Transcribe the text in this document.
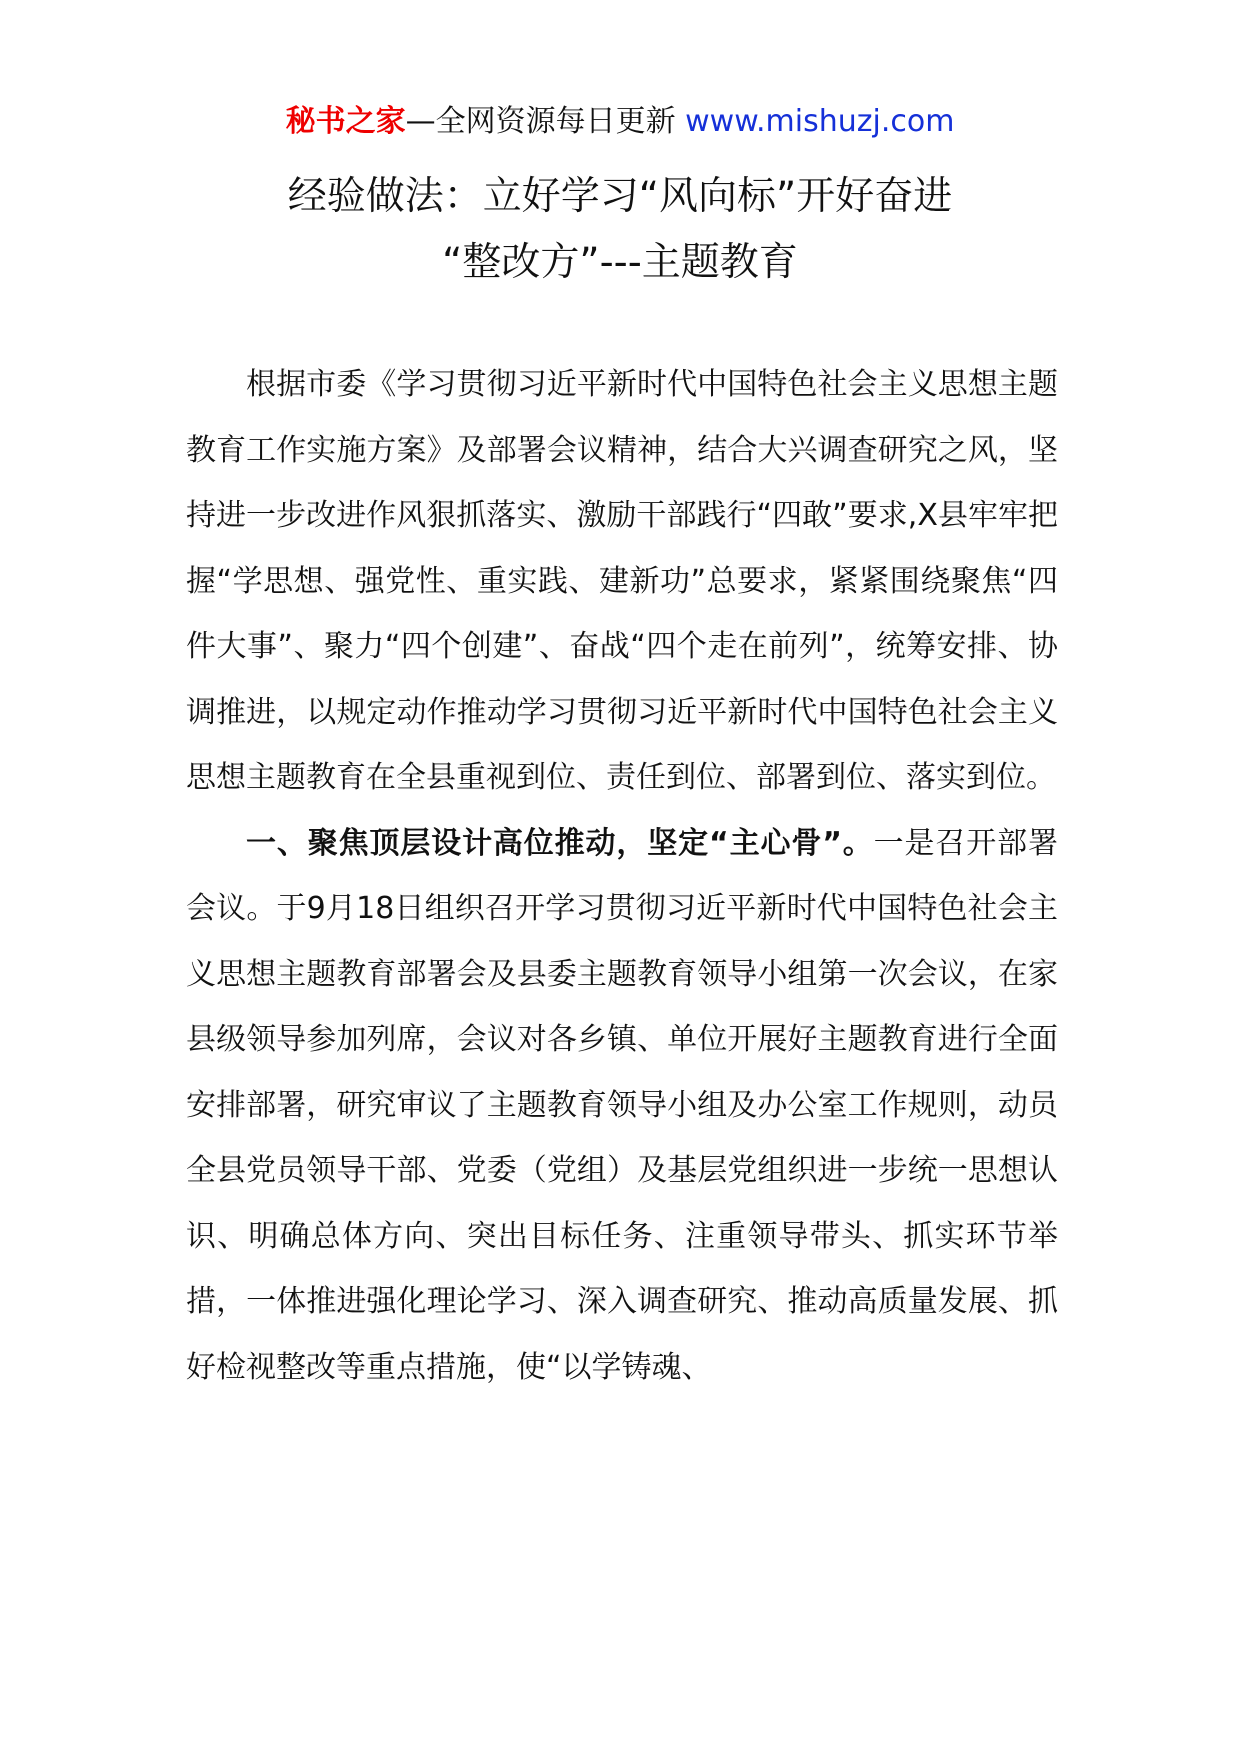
秘书之家—全网资源每日更新 www.mishuzj.com
经验做法：立好学习“风向标”开好奋进
“整改方”---主题教育

根据市委《学习贯彻习近平新时代中国特色社会主义思想主题教育工作实施方案》及部署会议精神，结合大兴调查研究之风，坚持进一步改进作风狠抓落实、激励干部践行“四敢”要求,X县牢牢把握“学思想、强党性、重实践、建新功”总要求，紧紧围绕聚焦“四件大事”、聚力“四个创建”、奋战“四个走在前列”，统筹安排、协调推进，以规定动作推动学习贯彻习近平新时代中国特色社会主义思想主题教育在全县重视到位、责任到位、部署到位、落实到位。

一、聚焦顶层设计高位推动，坚定“主心骨”。一是召开部署会议。于9月18日组织召开学习贯彻习近平新时代中国特色社会主义思想主题教育部署会及县委主题教育领导小组第一次会议，在家县级领导参加列席，会议对各乡镇、单位开展好主题教育进行全面安排部署，研究审议了主题教育领导小组及办公室工作规则，动员全县党员领导干部、党委（党组）及基层党组织进一步统一思想认识、明确总体方向、突出目标任务、注重领导带头、抓实环节举措，一体推进强化理论学习、深入调查研究、推动高质量发展、抓好检视整改等重点措施，使“以学铸魂、
